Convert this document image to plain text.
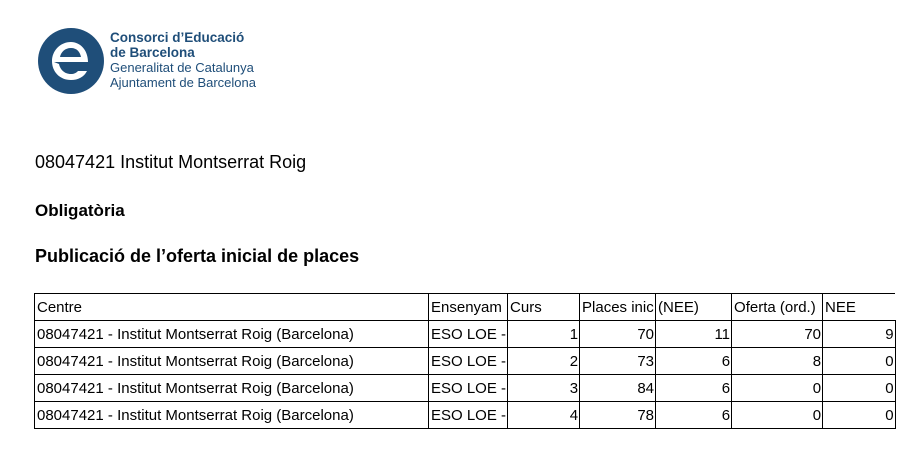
Consorci d’Educació
de Barcelona
Generalitat de Catalunya
Ajuntament de Barcelona
08047421 Institut Montserrat Roig
Obligatòria
Publicació de l’oferta inicial de places
Centre	Ensenyam	Curs	Places inic	(NEE)	Oferta (ord.)	NEE
08047421 - Institut Montserrat Roig (Barcelona)	ESO LOE -	1	70	11	70	9
08047421 - Institut Montserrat Roig (Barcelona)	ESO LOE -	2	73	6	8	0
08047421 - Institut Montserrat Roig (Barcelona)	ESO LOE -	3	84	6	0	0
08047421 - Institut Montserrat Roig (Barcelona)	ESO LOE -	4	78	6	0	0
